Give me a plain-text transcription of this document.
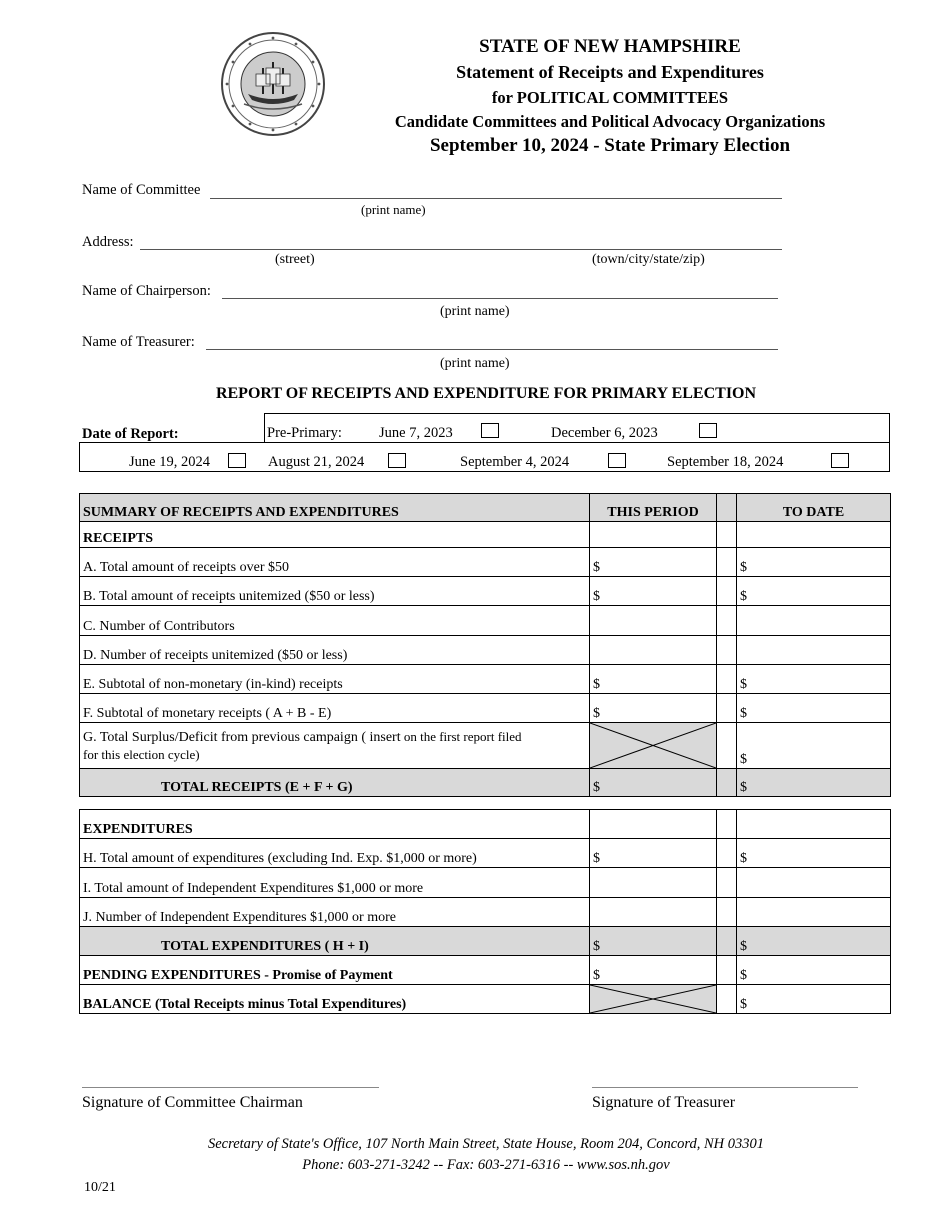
STATE OF NEW HAMPSHIRE
Statement of Receipts and Expenditures
for POLITICAL COMMITTEES
Candidate Committees and Political Advocacy Organizations
September 10, 2024 - State Primary Election
Name of Committee
(print name)
Address:
(street)	(town/city/state/zip)
Name of Chairperson:
(print name)
Name of Treasurer:
(print name)
REPORT OF RECEIPTS AND EXPENDITURE FOR PRIMARY ELECTION
Date of Report:	Pre-Primary:	June 7, 2023	December 6, 2023
June 19, 2024	August 21, 2024	September 4, 2024	September 18, 2024
SUMMARY OF RECEIPTS AND EXPENDITURES	THIS PERIOD		TO DATE
RECEIPTS			
A. Total amount of receipts over $50	$		$
B. Total amount of receipts unitemized ($50 or less)	$		$
C. Number of Contributors			
D. Number of receipts unitemized ($50 or less)			
E. Subtotal of non-monetary (in-kind) receipts	$		$
F. Subtotal of monetary receipts ( A + B - E)	$		$
G. Total Surplus/Deficit from previous campaign ( insert on the first report filed
for this election cycle)			$
TOTAL RECEIPTS (E + F + G)	$		$
EXPENDITURES			
H. Total amount of expenditures (excluding Ind. Exp. $1,000 or more)	$		$
I. Total amount of Independent Expenditures $1,000 or more			
J. Number of Independent Expenditures $1,000 or more			
TOTAL EXPENDITURES ( H + I)	$		$
PENDING EXPENDITURES - Promise of Payment	$		$
BALANCE (Total Receipts minus Total Expenditures)			$
Signature of Committee Chairman	Signature of Treasurer
Secretary of State's Office, 107 North Main Street, State House, Room 204, Concord, NH 03301
Phone: 603-271-3242 -- Fax: 603-271-6316 -- www.sos.nh.gov
10/21
